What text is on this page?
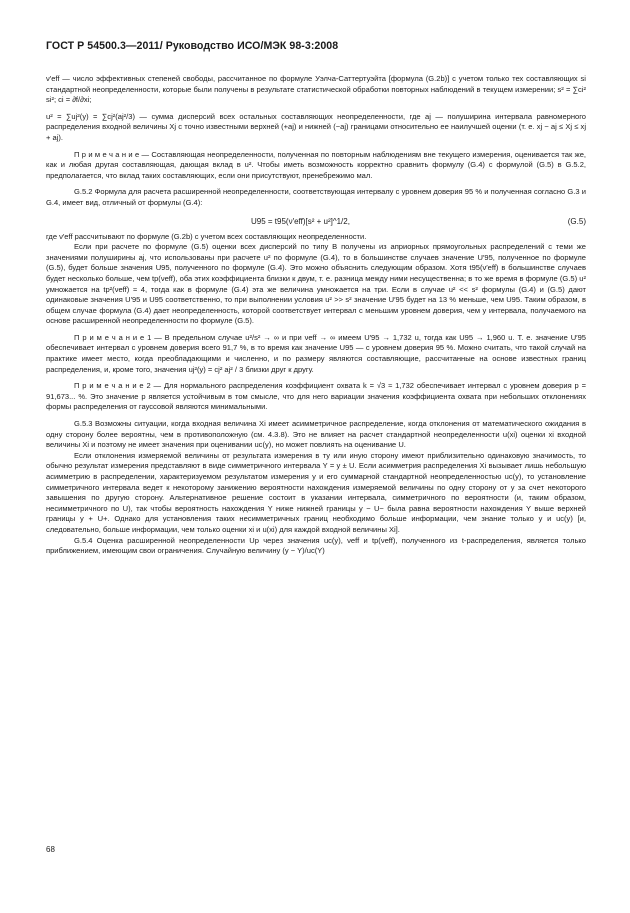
ГОСТ Р 54500.3—2011/ Руководство ИСО/МЭК 98-3:2008

ν′eff — число эффективных степеней свободы, рассчитанное по формуле Уэлча-Саттертуэйта [формула (G.2b)] с учетом только тех составляющих si стандартной неопределенности, которые были получены в результате статистической обработки повторных наблюдений в текущем измерении; s² = ∑ci² si²; ci = ∂f/∂xi;

u² = ∑uj²(y) = ∑cj²(aj²/3) — сумма дисперсий всех остальных составляющих неопределенности, где aj — полуширина интервала равномерного распределения входной величины Xj с точно известными верхней (+aj) и нижней (−aj) границами относительно ее наилучшей оценки (т. е. xj − aj ≤ Xj ≤ xj + aj).

П р и м е ч а н и е — Составляющая неопределенности, полученная по повторным наблюдениям вне текущего измерения, оценивается так же, как и любая другая составляющая, дающая вклад в u². Чтобы иметь возможность корректно сравнить формулу (G.4) с формулой (G.5) в G.5.2, предполагается, что вклад таких составляющих, если они присутствуют, пренебрежимо мал.

G.5.2 Формула для расчета расширенной неопределенности, соответствующая интервалу с уровнем доверия 95 % и полученная согласно G.3 и G.4, имеет вид, отличный от формулы (G.4):

U95 = t95(ν′eff)[s² + u²]^1/2,	(G.5)

где ν′eff рассчитывают по формуле (G.2b) с учетом всех составляющих неопределенности.

Если при расчете по формуле (G.5) оценки всех дисперсий по типу В получены из априорных прямоугольных распределений с теми же значениями полуширины aj, что использованы при расчете u² по формуле (G.4), то в большинстве случаев значение U′95, полученное по формуле (G.5), будет больше значения U95, полученного по формуле (G.4). Это можно объяснить следующим образом. Хотя t95(ν′eff) в большинстве случаев будет несколько больше, чем tp(νeff), оба этих коэффициента близки к двум, т. е. разница между ними несущественна; в то же время в формуле (G.5) u² умножается на tp²(νeff) ≈ 4, тогда как в формуле (G.4) эта же величина умножается на три. Если в случае u² << s² формулы (G.4) и (G.5) дают одинаковые значения U′95 и U95 соответственно, то при выполнении условия u² >> s² значение U′95 будет на 13 % меньше, чем U95. Таким образом, в общем случае формула (G.4) дает неопределенность, которой соответствует интервал с меньшим уровнем доверия, чем у интервала, получаемого на основе расширенной неопределенности по формуле (G.5).

П р и м е ч а н и е 1 — В предельном случае u²/s² → ∞ и при νeff → ∞ имеем U′95 → 1,732 u, тогда как U95 → 1,960 u. Т. е. значение U′95 обеспечивает интервал с уровнем доверия всего 91,7 %, в то время как значение U95 — с уровнем доверия 95 %. Можно считать, что такой случай на практике имеет место, когда преобладающими и численно, и по размеру являются составляющие, рассчитанные на основе известных границ распределения, и, кроме того, значения uj²(y) = cj² aj² / 3 близки друг к другу.

П р и м е ч а н и е 2 — Для нормального распределения коэффициент охвата k = √3 ≈ 1,732 обеспечивает интервал с уровнем доверия p = 91,673... %. Это значение p является устойчивым в том смысле, что для него вариации значения коэффициента охвата при небольших отклонениях формы распределения от гауссовой являются минимальными.

G.5.3 Возможны ситуации, когда входная величина Xi имеет асимметричное распределение, когда отклонения от математического ожидания в одну сторону более вероятны, чем в противоположную (см. 4.3.8). Это не влияет на расчет стандартной неопределенности u(xi) оценки xi входной величины Xi и поэтому не имеет значения при оценивании uc(y), но может повлиять на оценивание U.

Если отклонения измеряемой величины от результата измерения в ту или иную сторону имеют приблизительно одинаковую значимость, то обычно результат измерения представляют в виде симметричного интервала Y = y ± U. Если асимметрия распределения Xi вызывает лишь небольшую асимметрию в распределении, характеризуемом результатом измерения y и его суммарной стандартной неопределенностью uc(y), то установление симметричного интервала ведет к некоторому занижению вероятности нахождения измеряемой величины по одну сторону от y за счет некоторого завышения по другую сторону. Альтернативное решение состоит в указании интервала, симметричного по вероятности (и, таким образом, несимметричного по U), так чтобы вероятность нахождения Y ниже нижней границы y − U− была равна вероятности нахождения Y выше верхней границы y + U+. Однако для установления таких несимметричных границ необходимо больше информации, чем знание только y и uc(y) [и, следовательно, больше информации, чем только оценки xi и u(xi) для каждой входной величины Xi].

G.5.4 Оценка расширенной неопределенности Up через значения uc(y), νeff и tp(νeff), полученного из t-распределения, является только приближением, имеющим свои ограничения. Случайную величину (y − Y)/uc(Y)

68
